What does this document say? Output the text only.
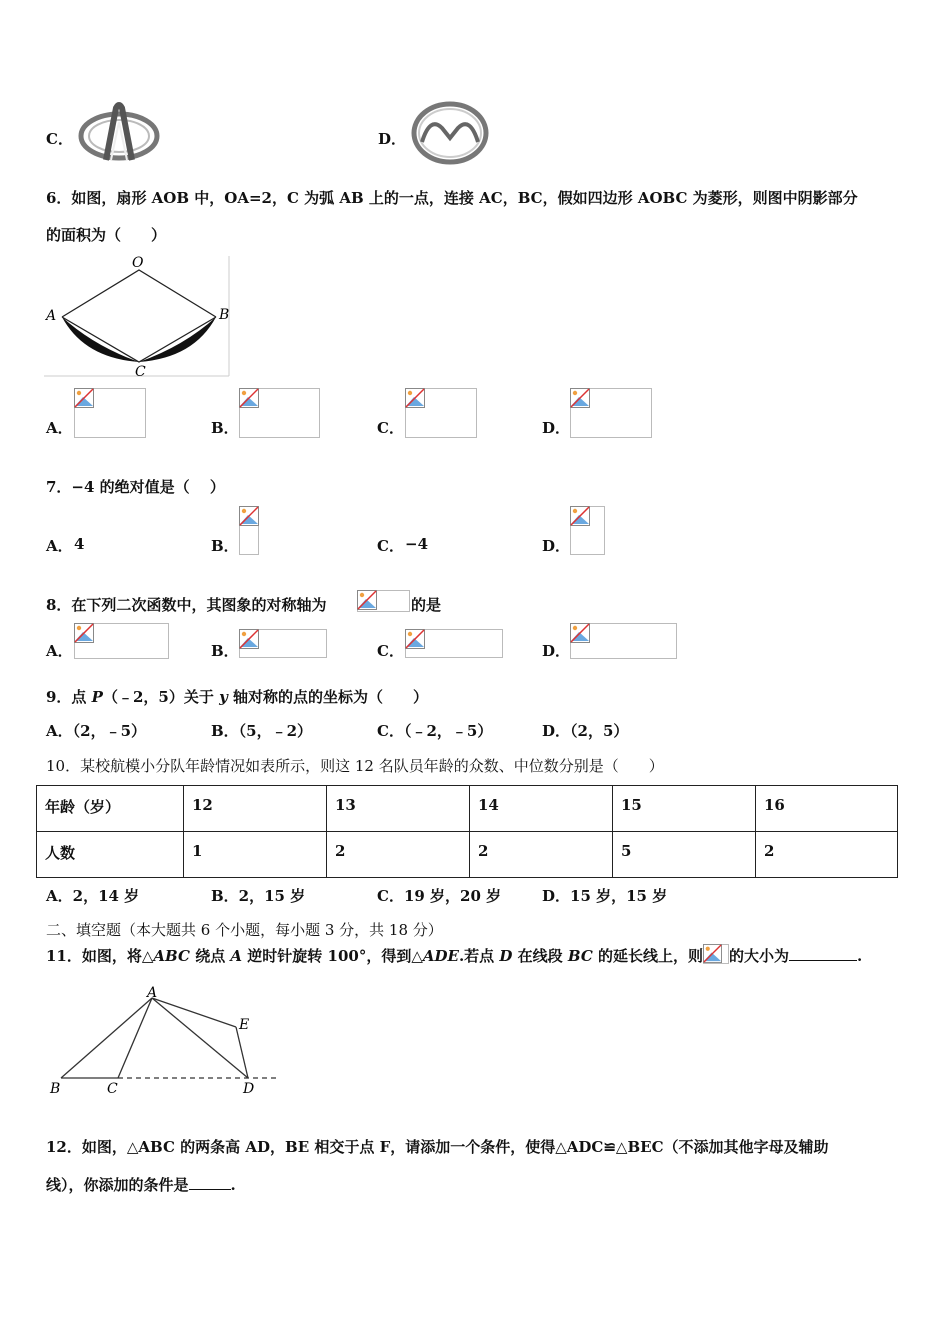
C．	D．
6．如图，扇形 AOB 中，OA=2，C 为弧 AB 上的一点，连接 AC，BC，假如四边形 AOBC 为菱形，则图中阴影部分
的面积为（　　）
O
A	B
C
A．	B．	C．	D．
7．−4 的绝对值是（　 ）
A． 4	B．	C． −4	D．
8．在下列二次函数中，其图象的对称轴为	的是
A．	B．	C．	D．
9．点 P（﹣2，5）关于 y 轴对称的点的坐标为（　　）
A．（2，﹣5）	B．（5，﹣2）	C．（﹣2，﹣5）	D．（2，5）
10．某校航模小分队年龄情况如表所示，则这 12 名队员年龄的众数、中位数分别是（　　）
年龄（岁）	12	13	14	15	16
人数	1	2	2	5	2
A．2，14 岁	B．2，15 岁	C．19 岁，20 岁	D．15 岁，15 岁
二、填空题（本大题共 6 个小题，每小题 3 分，共 18 分）
11．如图，将△ABC 绕点 A 逆时针旋转 100°，得到△ADE.若点 D 在线段 BC 的延长线上，则 的大小为	.
A
B	C	D
E
12．如图，△ABC 的两条高 AD，BE 相交于点 F，请添加一个条件，使得△ADC≌△BEC（不添加其他字母及辅助
线），你添加的条件是	.
